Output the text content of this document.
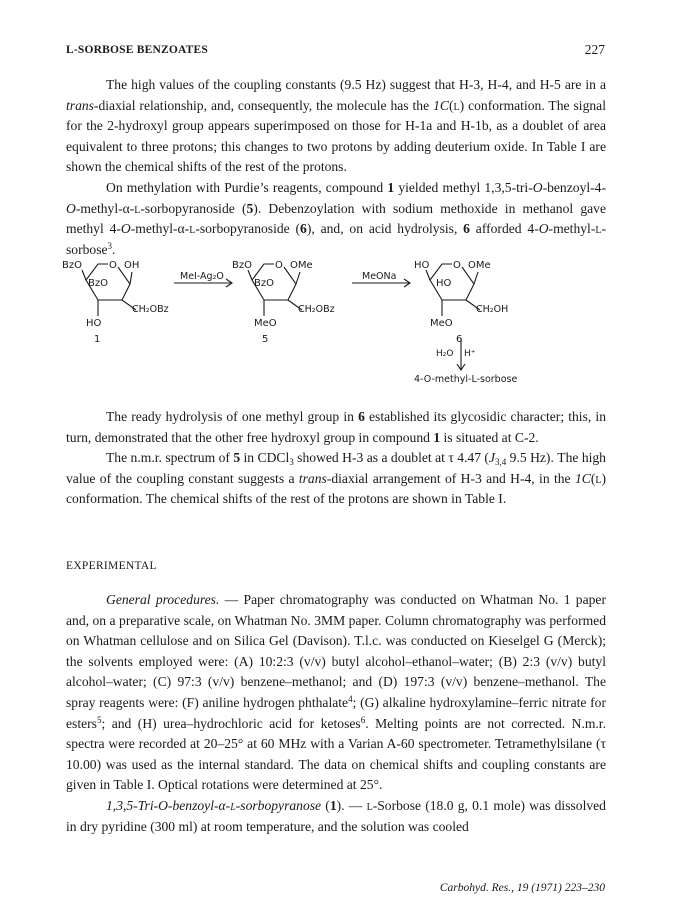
L-SORBOSE BENZOATES	227

The high values of the coupling constants (9.5 Hz) suggest that H-3, H-4, and H-5 are in a trans-diaxial relationship, and, consequently, the molecule has the 1C(l) conformation. The signal for the 2-hydroxyl group appears superimposed on those for H-1a and H-1b, as a doublet of area equivalent to three protons; this changes to two protons by adding deuterium oxide. In Table I are shown the chemical shifts of the rest of the protons.

On methylation with Purdie’s reagents, compound 1 yielded methyl 1,3,5-tri-O-benzoyl-4-O-methyl-α-l-sorbopyranoside (5). Debenzoylation with sodium methoxide in methanol gave methyl 4-O-methyl-α-l-sorbopyranoside (6), and, on acid hydrolysis, 6 afforded 4-O-methyl-l-sorbose$^3$.

BzO	O OH
BzO
CH₂OBz
HO
1
MeI-Ag₂O
BzO O OMe
BzO
CH₂OBz
MeO
5
MeONa
HO O OMe
HO
CH₂OH
MeO
6
H₂O H⁺
4-O-methyl-L-sorbose

The ready hydrolysis of one methyl group in 6 established its glycosidic character; this, in turn, demonstrated that the other free hydroxyl group in compound 1 is situated at C-2.

The n.m.r. spectrum of 5 in CDCl$_3$ showed H-3 as a doublet at τ 4.47 ($J_{3,4}$ 9.5 Hz). The high value of the coupling constant suggests a trans-diaxial arrangement of H-3 and H-4, in the 1C(l) conformation. The chemical shifts of the rest of the protons are shown in Table I.

EXPERIMENTAL

General procedures. — Paper chromatography was conducted on Whatman No. 1 paper and, on a preparative scale, on Whatman No. 3MM paper. Column chromatography was performed on Whatman cellulose and on Silica Gel (Davison). T.l.c. was conducted on Kieselgel G (Merck); the solvents employed were: (A) 10:2:3 (v/v) butyl alcohol–ethanol–water; (B) 2:3 (v/v) butyl alcohol–water; (C) 97:3 (v/v) benzene–methanol; and (D) 197:3 (v/v) benzene–methanol. The spray reagents were: (F) aniline hydrogen phthalate$^4$; (G) alkaline hydroxylamine–ferric nitrate for esters$^5$; and (H) urea–hydrochloric acid for ketoses$^6$. Melting points are not corrected. N.m.r. spectra were recorded at 20–25° at 60 MHz with a Varian A-60 spectrometer. Tetramethylsilane (τ 10.00) was used as the internal standard. The data on chemical shifts and coupling constants are given in Table I. Optical rotations were determined at 25°.

1,3,5-Tri-O-benzoyl-α-l-sorbopyranose (1). — l-Sorbose (18.0 g, 0.1 mole) was dissolved in dry pyridine (300 ml) at room temperature, and the solution was cooled

Carbohyd. Res., 19 (1971) 223–230
